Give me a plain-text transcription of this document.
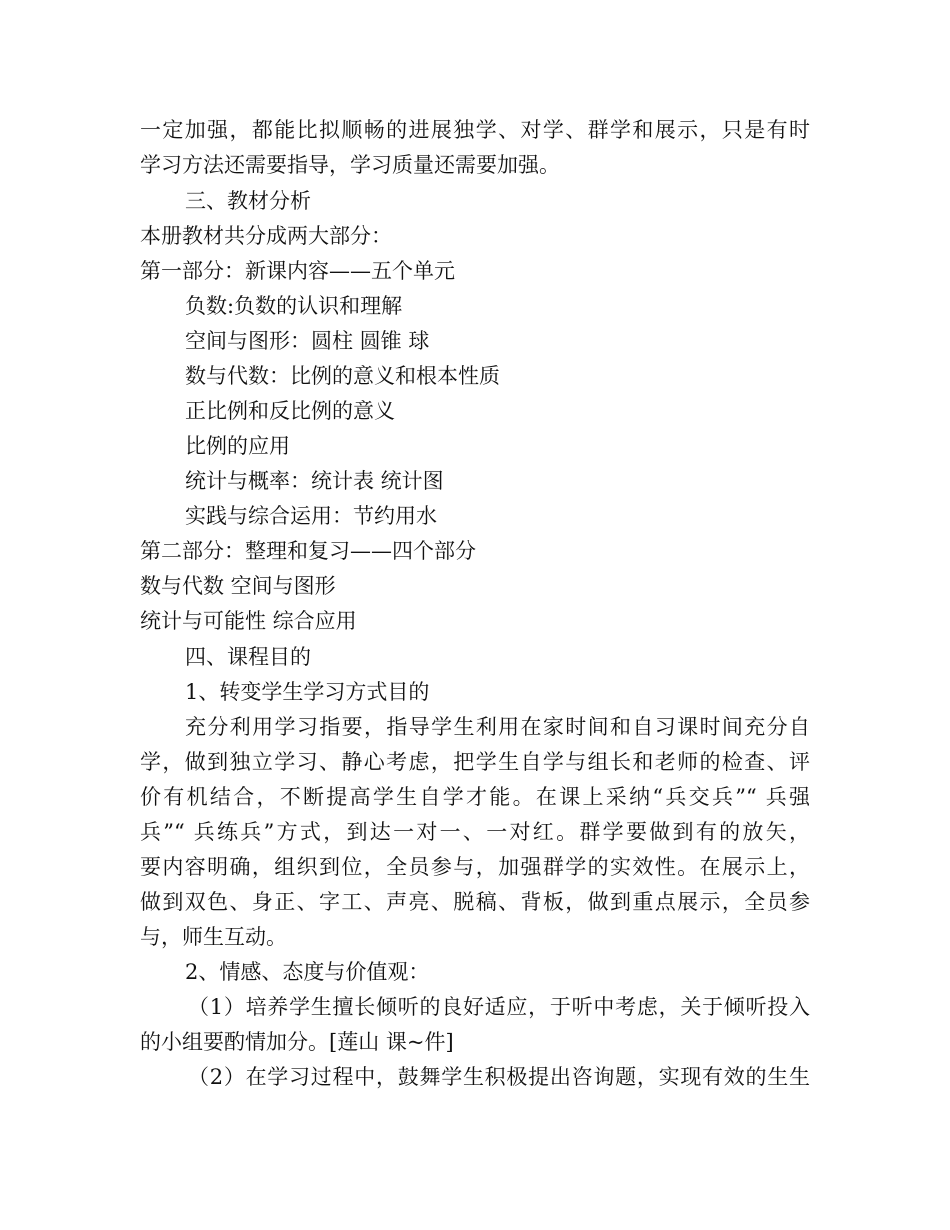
一定加强，都能比拟顺畅的进展独学、对学、群学和展示，只是有时
学习方法还需要指导，学习质量还需要加强。
三、教材分析
本册教材共分成两大部分：
第一部分：新课内容——五个单元
负数:负数的认识和理解
空间与图形：圆柱 圆锥 球
数与代数：比例的意义和根本性质
正比例和反比例的意义
比例的应用
统计与概率：统计表 统计图
实践与综合运用：节约用水
第二部分：整理和复习——四个部分
数与代数 空间与图形
统计与可能性 综合应用
四、课程目的
1、转变学生学习方式目的
充分利用学习指要，指导学生利用在家时间和自习课时间充分自
学，做到独立学习、静心考虑，把学生自学与组长和老师的检查、评
价有机结合，不断提高学生自学才能。在课上采纳“兵交兵”“ 兵强
兵”“ 兵练兵”方式，到达一对一、一对红。群学要做到有的放矢，
要内容明确，组织到位，全员参与，加强群学的实效性。在展示上，
做到双色、身正、字工、声亮、脱稿、背板，做到重点展示，全员参
与，师生互动。
2、情感、态度与价值观：
（1）培养学生擅长倾听的良好适应，于听中考虑，关于倾听投入
的小组要酌情加分。[莲山 课~件]
（2）在学习过程中，鼓舞学生积极提出咨询题，实现有效的生生
